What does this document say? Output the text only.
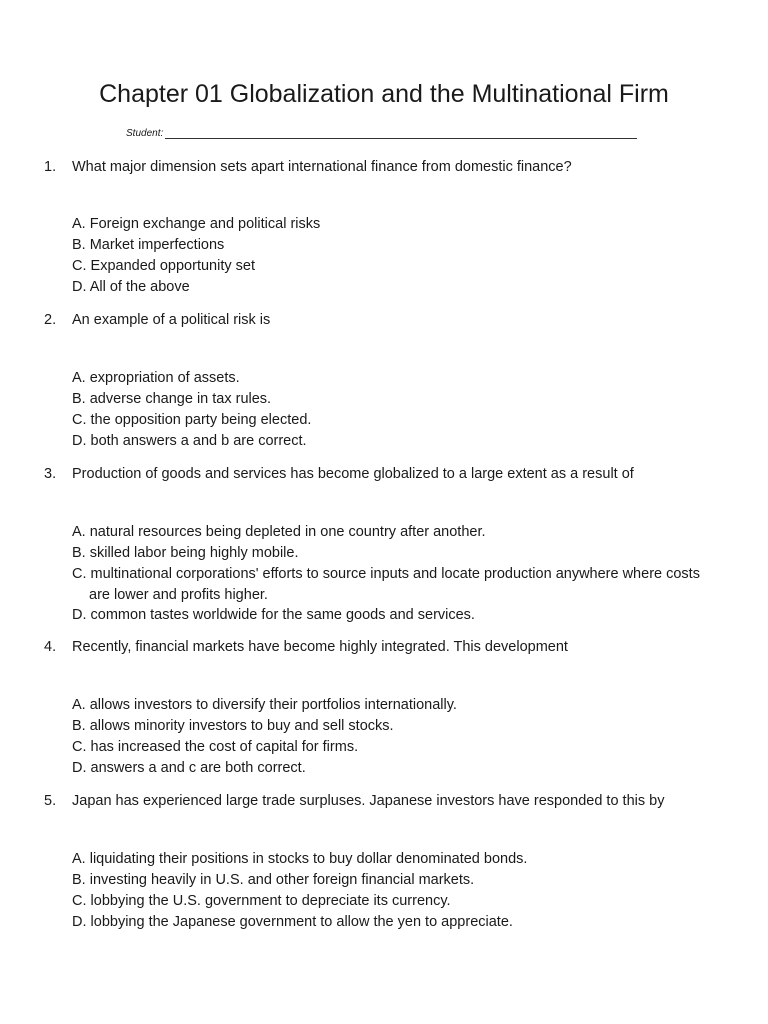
Chapter 01 Globalization and the Multinational Firm
Student:
1. What major dimension sets apart international finance from domestic finance?
A. Foreign exchange and political risks
B. Market imperfections
C. Expanded opportunity set
D. All of the above
2. An example of a political risk is
A. expropriation of assets.
B. adverse change in tax rules.
C. the opposition party being elected.
D. both answers a and b are correct.
3. Production of goods and services has become globalized to a large extent as a result of
A. natural resources being depleted in one country after another.
B. skilled labor being highly mobile.
C. multinational corporations' efforts to source inputs and locate production anywhere where costs are lower and profits higher.
D. common tastes worldwide for the same goods and services.
4. Recently, financial markets have become highly integrated. This development
A. allows investors to diversify their portfolios internationally.
B. allows minority investors to buy and sell stocks.
C. has increased the cost of capital for firms.
D. answers a and c are both correct.
5. Japan has experienced large trade surpluses. Japanese investors have responded to this by
A. liquidating their positions in stocks to buy dollar denominated bonds.
B. investing heavily in U.S. and other foreign financial markets.
C. lobbying the U.S. government to depreciate its currency.
D. lobbying the Japanese government to allow the yen to appreciate.
